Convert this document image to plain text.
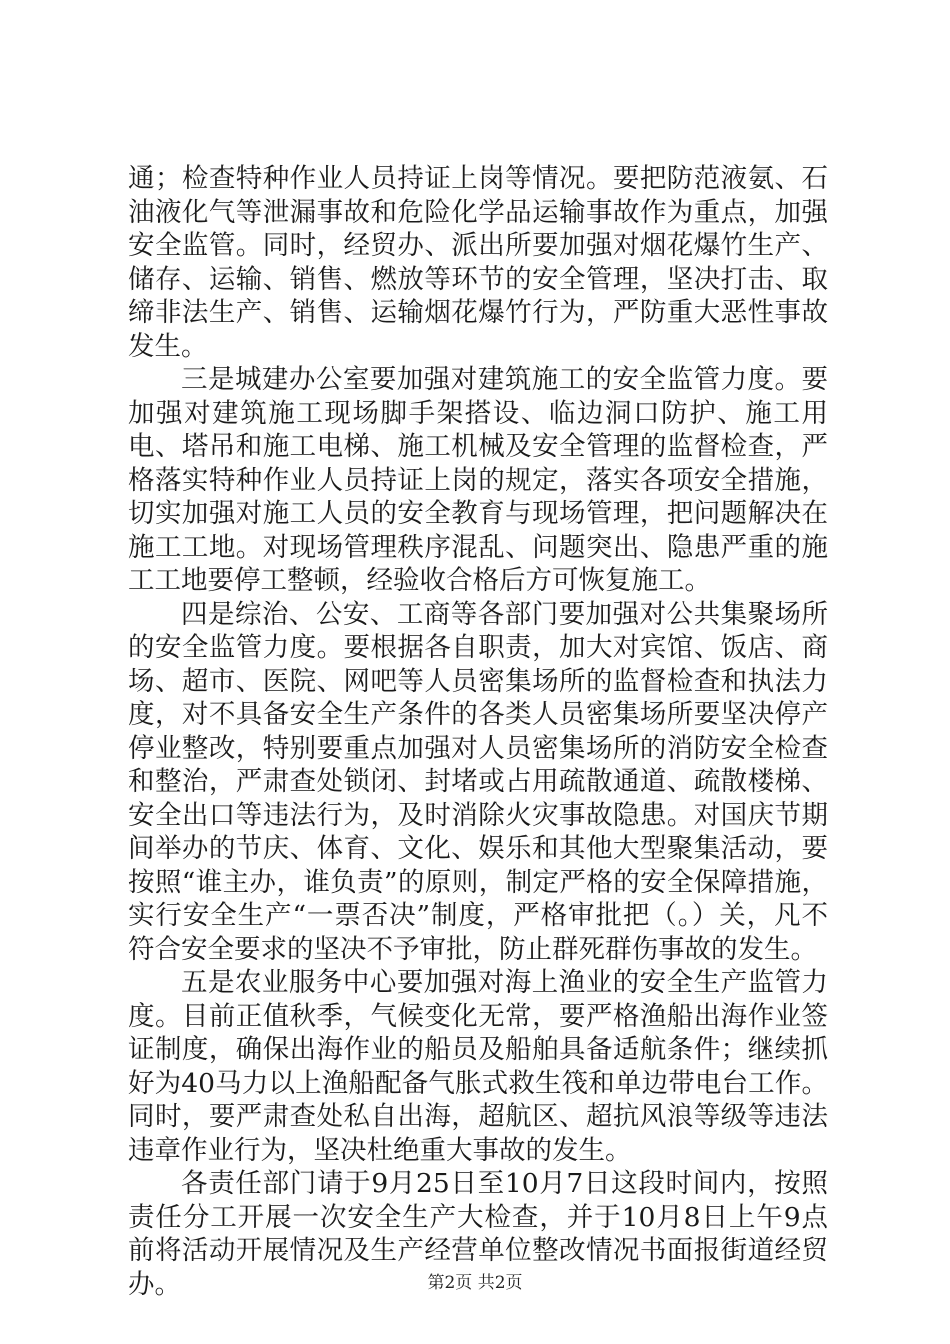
通；检查特种作业人员持证上岗等情况。要把防范液氨、石油液化气等泄漏事故和危险化学品运输事故作为重点，加强安全监管。同时，经贸办、派出所要加强对烟花爆竹生产、储存、运输、销售、燃放等环节的安全管理，坚决打击、取缔非法生产、销售、运输烟花爆竹行为，严防重大恶性事故发生。

三是城建办公室要加强对建筑施工的安全监管力度。要加强对建筑施工现场脚手架搭设、临边洞口防护、施工用电、塔吊和施工电梯、施工机械及安全管理的监督检查，严格落实特种作业人员持证上岗的规定，落实各项安全措施，切实加强对施工人员的安全教育与现场管理，把问题解决在施工工地。对现场管理秩序混乱、问题突出、隐患严重的施工工地要停工整顿，经验收合格后方可恢复施工。

四是综治、公安、工商等各部门要加强对公共集聚场所的安全监管力度。要根据各自职责，加大对宾馆、饭店、商场、超市、医院、网吧等人员密集场所的监督检查和执法力度，对不具备安全生产条件的各类人员密集场所要坚决停产停业整改，特别要重点加强对人员密集场所的消防安全检查和整治，严肃查处锁闭、封堵或占用疏散通道、疏散楼梯、安全出口等违法行为，及时消除火灾事故隐患。对国庆节期间举办的节庆、体育、文化、娱乐和其他大型聚集活动，要按照“谁主办，谁负责”的原则，制定严格的安全保障措施，实行安全生产“一票否决”制度，严格审批把（。）关，凡不符合安全要求的坚决不予审批，防止群死群伤事故的发生。

五是农业服务中心要加强对海上渔业的安全生产监管力度。目前正值秋季，气候变化无常，要严格渔船出海作业签证制度，确保出海作业的船员及船舶具备适航条件；继续抓好为40马力以上渔船配备气胀式救生筏和单边带电台工作。同时，要严肃查处私自出海，超航区、超抗风浪等级等违法违章作业行为，坚决杜绝重大事故的发生。

各责任部门请于9月25日至10月7日这段时间内，按照责任分工开展一次安全生产大检查，并于10月8日上午9点前将活动开展情况及生产经营单位整改情况书面报街道经贸办。	第2页 共2页
